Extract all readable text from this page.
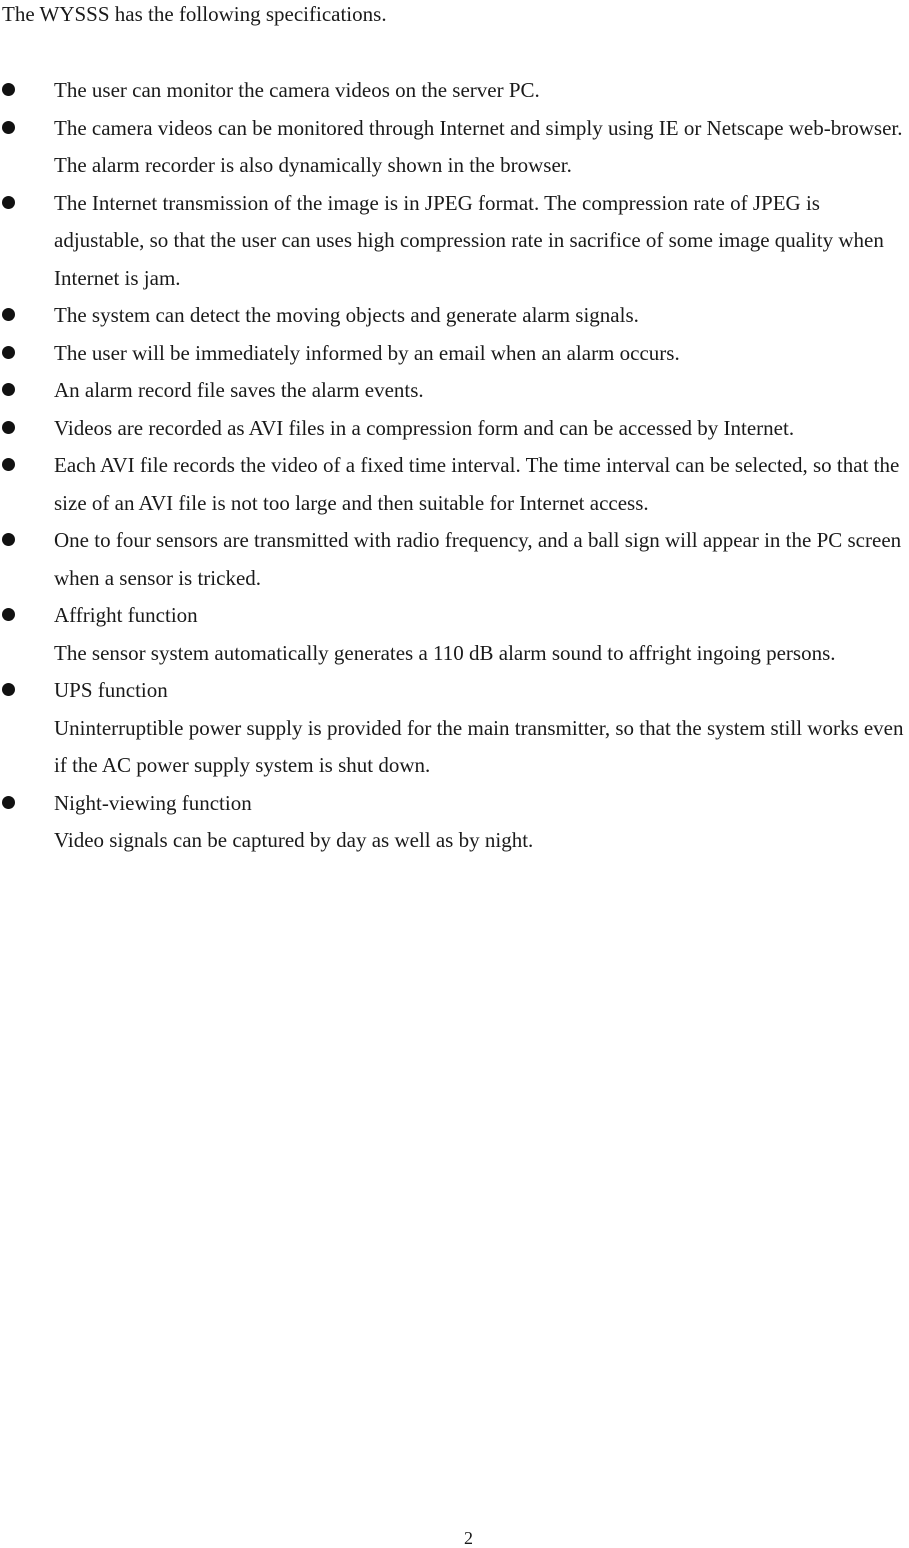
The WYSSS has the following specifications.
The user can monitor the camera videos on the server PC.
The camera videos can be monitored through Internet and simply using IE or Netscape web-browser. The alarm recorder is also dynamically shown in the browser.
The Internet transmission of the image is in JPEG format. The compression rate of JPEG is adjustable, so that the user can uses high compression rate in sacrifice of some image quality when Internet is jam.
The system can detect the moving objects and generate alarm signals.
The user will be immediately informed by an email when an alarm occurs.
An alarm record file saves the alarm events.
Videos are recorded as AVI files in a compression form and can be accessed by Internet.
Each AVI file records the video of a fixed time interval. The time interval can be selected, so that the size of an AVI file is not too large and then suitable for Internet access.
One to four sensors are transmitted with radio frequency, and a ball sign will appear in the PC screen when a sensor is tricked.
Affright function
The sensor system automatically generates a 110 dB alarm sound to affright ingoing persons.
UPS function
Uninterruptible power supply is provided for the main transmitter, so that the system still works even if the AC power supply system is shut down.
Night-viewing function
Video signals can be captured by day as well as by night.
2
